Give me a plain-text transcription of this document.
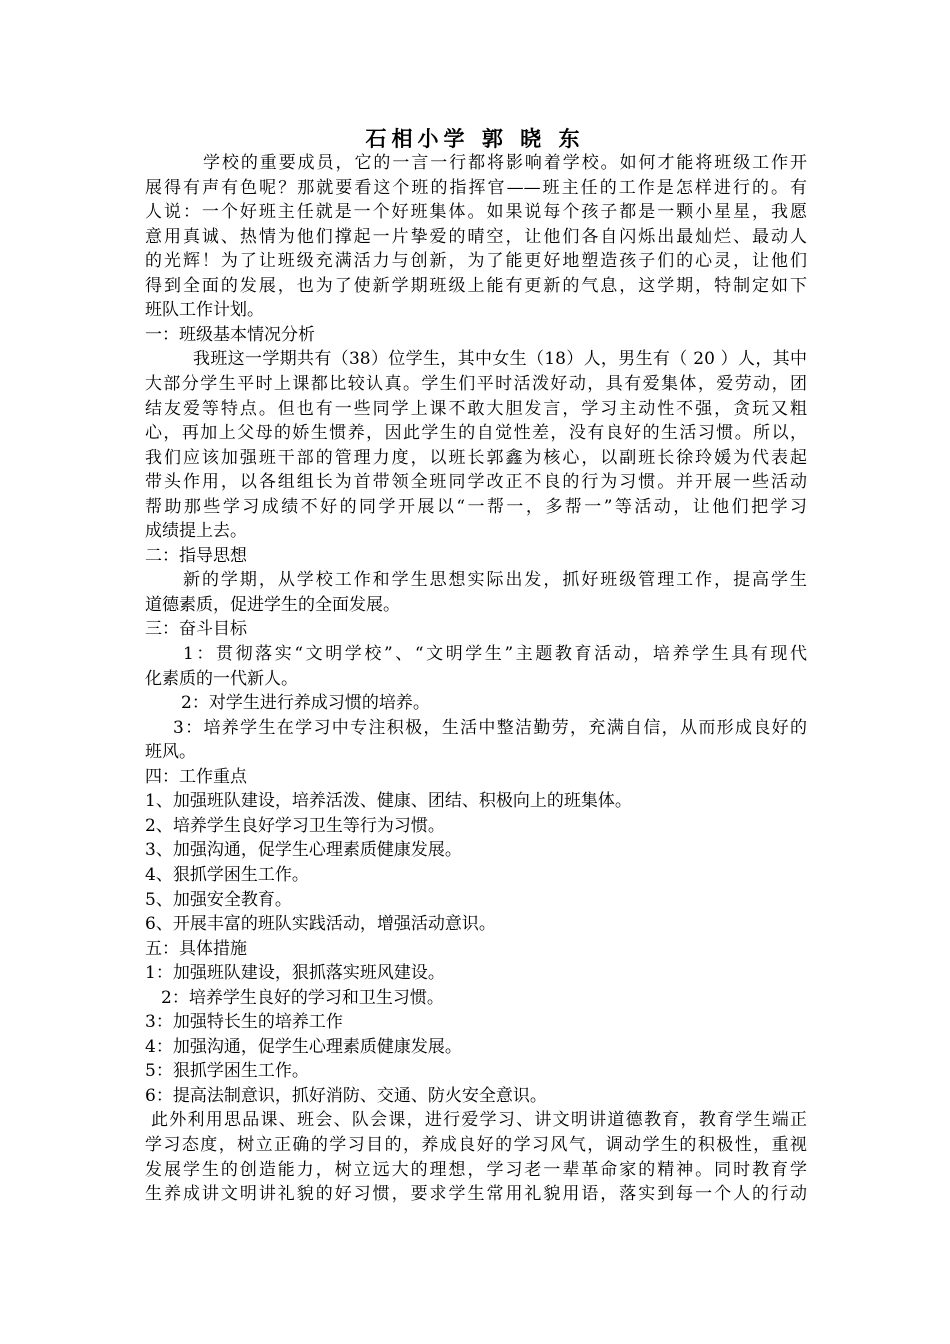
石相小学 郭 晓 东
学校的重要成员，它的一言一行都将影响着学校。如何才能将班级工作开
展得有声有色呢？那就要看这个班的指挥官——班主任的工作是怎样进行的。有
人说：一个好班主任就是一个好班集体。如果说每个孩子都是一颗小星星，我愿
意用真诚、热情为他们撑起一片挚爱的晴空，让他们各自闪烁出最灿烂、最动人
的光辉！为了让班级充满活力与创新，为了能更好地塑造孩子们的心灵，让他们
得到全面的发展，也为了使新学期班级上能有更新的气息，这学期，特制定如下
班队工作计划。
一：班级基本情况分析
我班这一学期共有（38）位学生，其中女生（18）人，男生有（ 20 ）人，其中
大部分学生平时上课都比较认真。学生们平时活泼好动，具有爱集体，爱劳动，团
结友爱等特点。但也有一些同学上课不敢大胆发言，学习主动性不强，贪玩又粗
心，再加上父母的娇生惯养，因此学生的自觉性差，没有良好的生活习惯。所以，
我们应该加强班干部的管理力度，以班长郭鑫为核心，以副班长徐玲媛为代表起
带头作用，以各组组长为首带领全班同学改正不良的行为习惯。并开展一些活动
帮助那些学习成绩不好的同学开展以“一帮一，多帮一”等活动，让他们把学习
成绩提上去。
二：指导思想
新的学期，从学校工作和学生思想实际出发，抓好班级管理工作，提高学生
道德素质，促进学生的全面发展。
三：奋斗目标
1：贯彻落实“文明学校”、“文明学生”主题教育活动，培养学生具有现代
化素质的一代新人。
2：对学生进行养成习惯的培养。
3：培养学生在学习中专注积极，生活中整洁勤劳，充满自信，从而形成良好的
班风。
四：工作重点
1、加强班队建设，培养活泼、健康、团结、积极向上的班集体。
2、培养学生良好学习卫生等行为习惯。
3、加强沟通，促学生心理素质健康发展。
4、狠抓学困生工作。
5、加强安全教育。
6、开展丰富的班队实践活动，增强活动意识。
五：具体措施
1：加强班队建设，狠抓落实班风建设。
2：培养学生良好的学习和卫生习惯。
3：加强特长生的培养工作
4：加强沟通，促学生心理素质健康发展。
5：狠抓学困生工作。
6：提高法制意识，抓好消防、交通、防火安全意识。
此外利用思品课、班会、队会课，进行爱学习、讲文明讲道德教育，教育学生端正
学习态度，树立正确的学习目的，养成良好的学习风气，调动学生的积极性，重视
发展学生的创造能力，树立远大的理想，学习老一辈革命家的精神。同时教育学
生养成讲文明讲礼貌的好习惯，要求学生常用礼貌用语，落实到每一个人的行动
